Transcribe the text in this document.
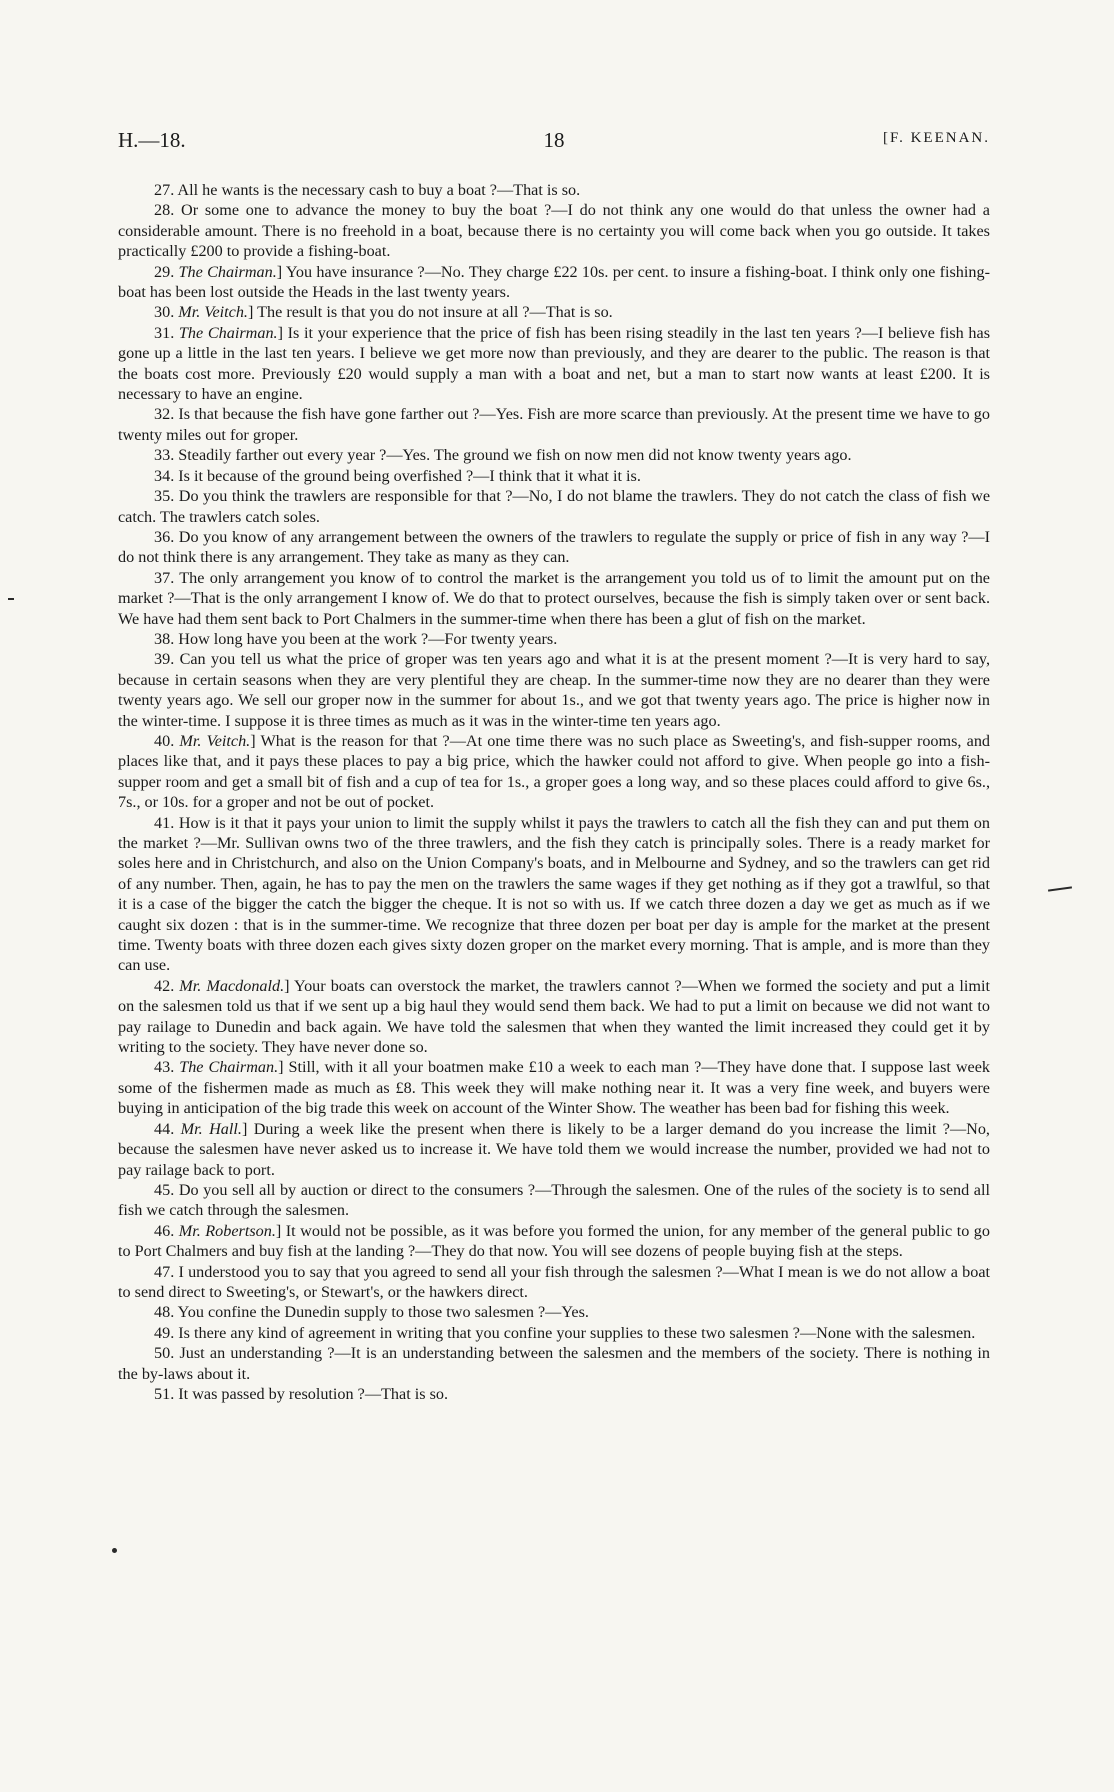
H.—18.	18	[F. KEENAN.

27. All he wants is the necessary cash to buy a boat ?—That is so.

28. Or some one to advance the money to buy the boat ?—I do not think any one would do that unless the owner had a considerable amount. There is no freehold in a boat, because there is no certainty you will come back when you go outside. It takes practically £200 to provide a fishing-boat.

29. The Chairman.] You have insurance ?—No. They charge £22 10s. per cent. to insure a fishing-boat. I think only one fishing-boat has been lost outside the Heads in the last twenty years.

30. Mr. Veitch.] The result is that you do not insure at all ?—That is so.

31. The Chairman.] Is it your experience that the price of fish has been rising steadily in the last ten years ?—I believe fish has gone up a little in the last ten years. I believe we get more now than previously, and they are dearer to the public. The reason is that the boats cost more. Previously £20 would supply a man with a boat and net, but a man to start now wants at least £200. It is necessary to have an engine.

32. Is that because the fish have gone farther out ?—Yes. Fish are more scarce than previously. At the present time we have to go twenty miles out for groper.

33. Steadily farther out every year ?—Yes. The ground we fish on now men did not know twenty years ago.

34. Is it because of the ground being overfished ?—I think that it what it is.

35. Do you think the trawlers are responsible for that ?—No, I do not blame the trawlers. They do not catch the class of fish we catch. The trawlers catch soles.

36. Do you know of any arrangement between the owners of the trawlers to regulate the supply or price of fish in any way ?—I do not think there is any arrangement. They take as many as they can.

37. The only arrangement you know of to control the market is the arrangement you told us of to limit the amount put on the market ?—That is the only arrangement I know of. We do that to protect ourselves, because the fish is simply taken over or sent back. We have had them sent back to Port Chalmers in the summer-time when there has been a glut of fish on the market.

38. How long have you been at the work ?—For twenty years.

39. Can you tell us what the price of groper was ten years ago and what it is at the present moment ?—It is very hard to say, because in certain seasons when they are very plentiful they are cheap. In the summer-time now they are no dearer than they were twenty years ago. We sell our groper now in the summer for about 1s., and we got that twenty years ago. The price is higher now in the winter-time. I suppose it is three times as much as it was in the winter-time ten years ago.

40. Mr. Veitch.] What is the reason for that ?—At one time there was no such place as Sweeting's, and fish-supper rooms, and places like that, and it pays these places to pay a big price, which the hawker could not afford to give. When people go into a fish-supper room and get a small bit of fish and a cup of tea for 1s., a groper goes a long way, and so these places could afford to give 6s., 7s., or 10s. for a groper and not be out of pocket.

41. How is it that it pays your union to limit the supply whilst it pays the trawlers to catch all the fish they can and put them on the market ?—Mr. Sullivan owns two of the three trawlers, and the fish they catch is principally soles. There is a ready market for soles here and in Christchurch, and also on the Union Company's boats, and in Melbourne and Sydney, and so the trawlers can get rid of any number. Then, again, he has to pay the men on the trawlers the same wages if they get nothing as if they got a trawlful, so that it is a case of the bigger the catch the bigger the cheque. It is not so with us. If we catch three dozen a day we get as much as if we caught six dozen : that is in the summer-time. We recognize that three dozen per boat per day is ample for the market at the present time. Twenty boats with three dozen each gives sixty dozen groper on the market every morning. That is ample, and is more than they can use.

42. Mr. Macdonald.] Your boats can overstock the market, the trawlers cannot ?—When we formed the society and put a limit on the salesmen told us that if we sent up a big haul they would send them back. We had to put a limit on because we did not want to pay railage to Dunedin and back again. We have told the salesmen that when they wanted the limit increased they could get it by writing to the society. They have never done so.

43. The Chairman.] Still, with it all your boatmen make £10 a week to each man ?—They have done that. I suppose last week some of the fishermen made as much as £8. This week they will make nothing near it. It was a very fine week, and buyers were buying in anticipation of the big trade this week on account of the Winter Show. The weather has been bad for fishing this week.

44. Mr. Hall.] During a week like the present when there is likely to be a larger demand do you increase the limit ?—No, because the salesmen have never asked us to increase it. We have told them we would increase the number, provided we had not to pay railage back to port.

45. Do you sell all by auction or direct to the consumers ?—Through the salesmen. One of the rules of the society is to send all fish we catch through the salesmen.

46. Mr. Robertson.] It would not be possible, as it was before you formed the union, for any member of the general public to go to Port Chalmers and buy fish at the landing ?—They do that now. You will see dozens of people buying fish at the steps.

47. I understood you to say that you agreed to send all your fish through the salesmen ?—What I mean is we do not allow a boat to send direct to Sweeting's, or Stewart's, or the hawkers direct.

48. You confine the Dunedin supply to those two salesmen ?—Yes.

49. Is there any kind of agreement in writing that you confine your supplies to these two salesmen ?—None with the salesmen.

50. Just an understanding ?—It is an understanding between the salesmen and the members of the society. There is nothing in the by-laws about it.

51. It was passed by resolution ?—That is so.
